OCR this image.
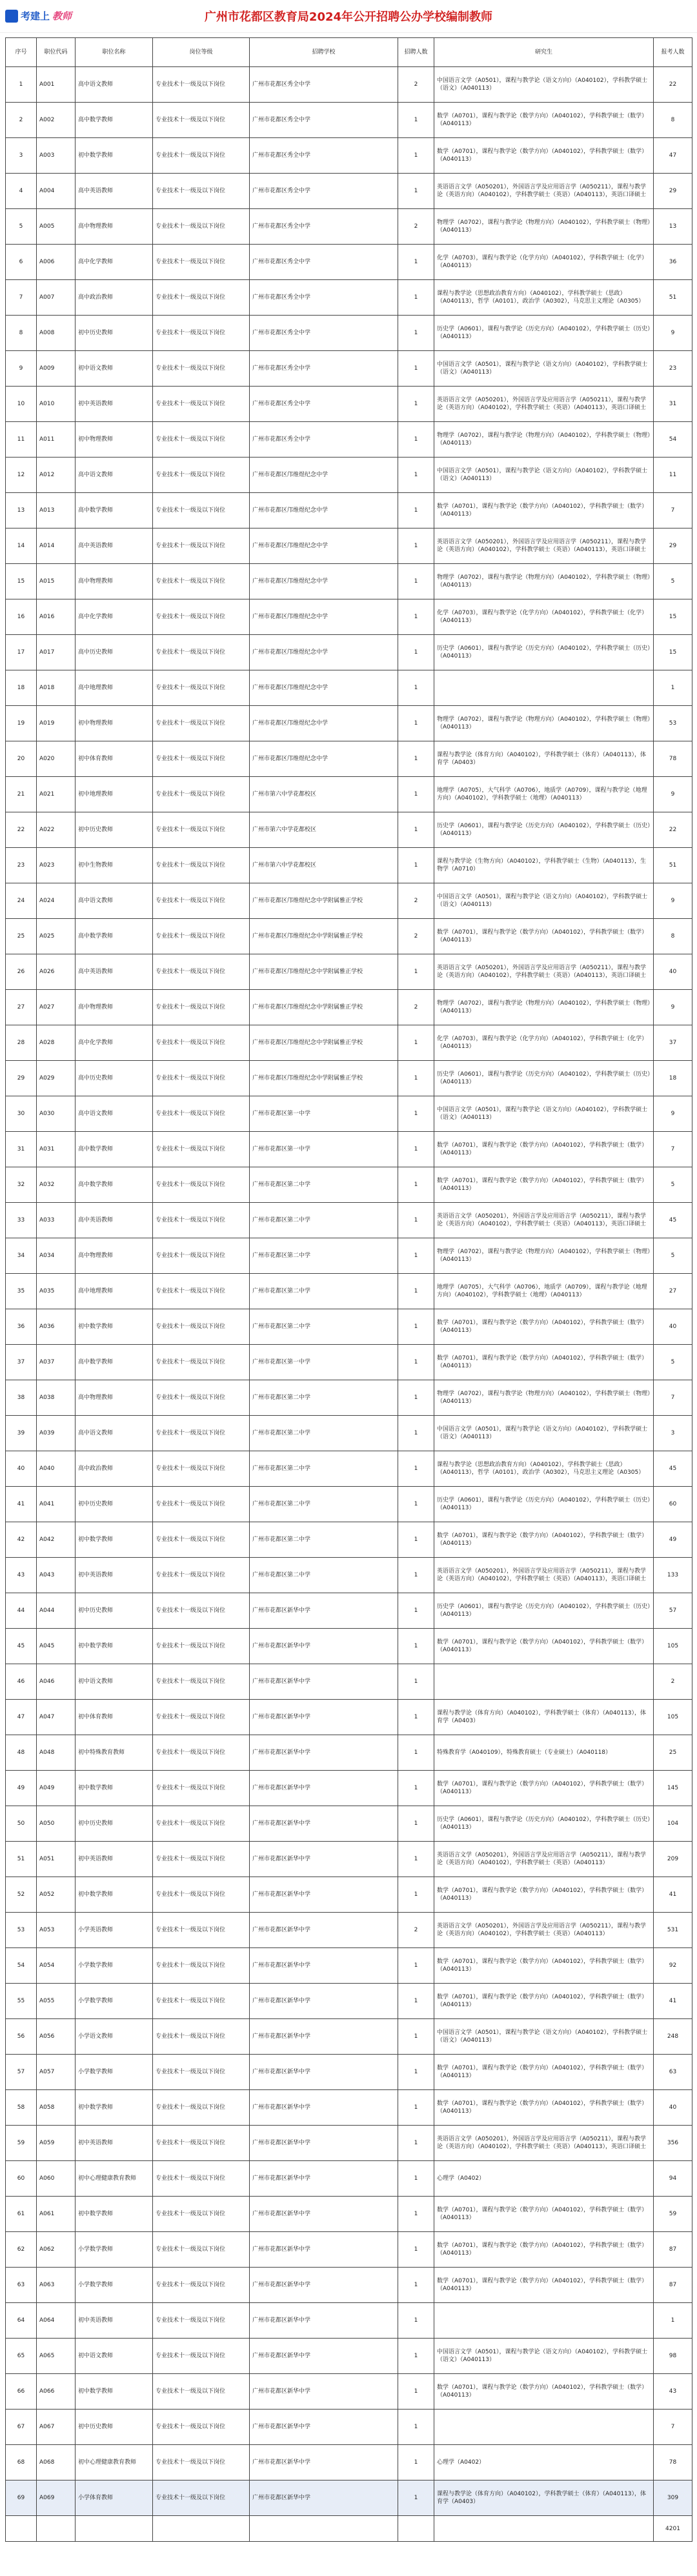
考建上 教师	广州市花都区教育局2024年公开招聘公办学校编制教师
序号	职位代码	职位名称	岗位等级	招聘学校	招聘人数	研究生	报考人数
1	A001	高中语文教师	专业技术十一级及以下岗位	广州市花都区秀全中学	2	中国语言文学（A0501），课程与教学论（语文方向）（A040102），学科教学硕士（语文）（A040113）	22
2	A002	高中数学教师	专业技术十一级及以下岗位	广州市花都区秀全中学	1	数学（A0701），课程与教学论（数学方向）（A040102），学科教学硕士（数学）（A040113）	8
3	A003	初中数学教师	专业技术十一级及以下岗位	广州市花都区秀全中学	1	数学（A0701），课程与教学论（数学方向）（A040102），学科教学硕士（数学）（A040113）	47
4	A004	高中英语教师	专业技术十一级及以下岗位	广州市花都区秀全中学	1	英语语言文学（A050201），外国语言学及应用语言学（A050211），课程与教学论（英语方向）（A040102），学科教学硕士（英语）（A040113），英语口译硕士	29
5	A005	高中物理教师	专业技术十一级及以下岗位	广州市花都区秀全中学	2	物理学（A0702），课程与教学论（物理方向）（A040102），学科教学硕士（物理）（A040113）	13
6	A006	高中化学教师	专业技术十一级及以下岗位	广州市花都区秀全中学	1	化学（A0703），课程与教学论（化学方向）（A040102），学科教学硕士（化学）（A040113）	36
7	A007	高中政治教师	专业技术十一级及以下岗位	广州市花都区秀全中学	1	课程与教学论（思想政治教育方向）（A040102），学科教学硕士（思政）（A040113），哲学（A0101），政治学（A0302），马克思主义理论（A0305）	51
8	A008	初中历史教师	专业技术十一级及以下岗位	广州市花都区秀全中学	1	历史学（A0601），课程与教学论（历史方向）（A040102），学科教学硕士（历史）（A040113）	9
9	A009	初中语文教师	专业技术十一级及以下岗位	广州市花都区秀全中学	1	中国语言文学（A0501），课程与教学论（语文方向）（A040102），学科教学硕士（语文）（A040113）	23
10	A010	初中英语教师	专业技术十一级及以下岗位	广州市花都区秀全中学	1	英语语言文学（A050201），外国语言学及应用语言学（A050211），课程与教学论（英语方向）（A040102），学科教学硕士（英语）（A040113），英语口译硕士	31
11	A011	初中物理教师	专业技术十一级及以下岗位	广州市花都区秀全中学	1	物理学（A0702），课程与教学论（物理方向）（A040102），学科教学硕士（物理）（A040113）	54
12	A012	高中语文教师	专业技术十一级及以下岗位	广州市花都区邝维煜纪念中学	1	中国语言文学（A0501），课程与教学论（语文方向）（A040102），学科教学硕士（语文）（A040113）	11
13	A013	高中数学教师	专业技术十一级及以下岗位	广州市花都区邝维煜纪念中学	1	数学（A0701），课程与教学论（数学方向）（A040102），学科教学硕士（数学）（A040113）	7
14	A014	高中英语教师	专业技术十一级及以下岗位	广州市花都区邝维煜纪念中学	1	英语语言文学（A050201），外国语言学及应用语言学（A050211），课程与教学论（英语方向）（A040102），学科教学硕士（英语）（A040113），英语口译硕士	29
15	A015	高中物理教师	专业技术十一级及以下岗位	广州市花都区邝维煜纪念中学	1	物理学（A0702），课程与教学论（物理方向）（A040102），学科教学硕士（物理）（A040113）	5
16	A016	高中化学教师	专业技术十一级及以下岗位	广州市花都区邝维煜纪念中学	1	化学（A0703），课程与教学论（化学方向）（A040102），学科教学硕士（化学）（A040113）	15
17	A017	高中历史教师	专业技术十一级及以下岗位	广州市花都区邝维煜纪念中学	1	历史学（A0601），课程与教学论（历史方向）（A040102），学科教学硕士（历史）（A040113）	15
18	A018	高中地理教师	专业技术十一级及以下岗位	广州市花都区邝维煜纪念中学	1		1
19	A019	初中物理教师	专业技术十一级及以下岗位	广州市花都区邝维煜纪念中学	1	物理学（A0702），课程与教学论（物理方向）（A040102），学科教学硕士（物理）（A040113）	53
20	A020	初中体育教师	专业技术十一级及以下岗位	广州市花都区邝维煜纪念中学	1	课程与教学论（体育方向）（A040102），学科教学硕士（体育）（A040113），体育学（A0403）	78
21	A021	初中地理教师	专业技术十一级及以下岗位	广州市第六中学花都校区	1	地理学（A0705），大气科学（A0706），地质学（A0709），课程与教学论（地理方向）（A040102），学科教学硕士（地理）（A040113）	9
22	A022	初中历史教师	专业技术十一级及以下岗位	广州市第六中学花都校区	1	历史学（A0601），课程与教学论（历史方向）（A040102），学科教学硕士（历史）（A040113）	22
23	A023	初中生物教师	专业技术十一级及以下岗位	广州市第六中学花都校区	1	课程与教学论（生物方向）（A040102），学科教学硕士（生物）（A040113），生物学（A0710）	51
24	A024	高中语文教师	专业技术十一级及以下岗位	广州市花都区邝维煜纪念中学附属雅正学校	2	中国语言文学（A0501），课程与教学论（语文方向）（A040102），学科教学硕士（语文）（A040113）	9
25	A025	高中数学教师	专业技术十一级及以下岗位	广州市花都区邝维煜纪念中学附属雅正学校	2	数学（A0701），课程与教学论（数学方向）（A040102），学科教学硕士（数学）（A040113）	8
26	A026	高中英语教师	专业技术十一级及以下岗位	广州市花都区邝维煜纪念中学附属雅正学校	1	英语语言文学（A050201），外国语言学及应用语言学（A050211），课程与教学论（英语方向）（A040102），学科教学硕士（英语）（A040113），英语口译硕士	40
27	A027	高中物理教师	专业技术十一级及以下岗位	广州市花都区邝维煜纪念中学附属雅正学校	2	物理学（A0702），课程与教学论（物理方向）（A040102），学科教学硕士（物理）（A040113）	9
28	A028	高中化学教师	专业技术十一级及以下岗位	广州市花都区邝维煜纪念中学附属雅正学校	1	化学（A0703），课程与教学论（化学方向）（A040102），学科教学硕士（化学）（A040113）	37
29	A029	高中历史教师	专业技术十一级及以下岗位	广州市花都区邝维煜纪念中学附属雅正学校	1	历史学（A0601），课程与教学论（历史方向）（A040102），学科教学硕士（历史）（A040113）	18
30	A030	高中语文教师	专业技术十一级及以下岗位	广州市花都区第一中学	1	中国语言文学（A0501），课程与教学论（语文方向）（A040102），学科教学硕士（语文）（A040113）	9
31	A031	高中数学教师	专业技术十一级及以下岗位	广州市花都区第一中学	1	数学（A0701），课程与教学论（数学方向）（A040102），学科教学硕士（数学）（A040113）	7
32	A032	高中数学教师	专业技术十一级及以下岗位	广州市花都区第二中学	1	数学（A0701），课程与教学论（数学方向）（A040102），学科教学硕士（数学）（A040113）	5
33	A033	高中英语教师	专业技术十一级及以下岗位	广州市花都区第二中学	1	英语语言文学（A050201），外国语言学及应用语言学（A050211），课程与教学论（英语方向）（A040102），学科教学硕士（英语）（A040113），英语口译硕士	45
34	A034	高中物理教师	专业技术十一级及以下岗位	广州市花都区第二中学	1	物理学（A0702），课程与教学论（物理方向）（A040102），学科教学硕士（物理）（A040113）	5
35	A035	高中地理教师	专业技术十一级及以下岗位	广州市花都区第二中学	1	地理学（A0705），大气科学（A0706），地质学（A0709），课程与教学论（地理方向）（A040102），学科教学硕士（地理）（A040113）	27
36	A036	初中数学教师	专业技术十一级及以下岗位	广州市花都区第二中学	1	数学（A0701），课程与教学论（数学方向）（A040102），学科教学硕士（数学）（A040113）	40
37	A037	高中数学教师	专业技术十一级及以下岗位	广州市花都区第一中学	1	数学（A0701），课程与教学论（数学方向）（A040102），学科教学硕士（数学）（A040113）	5
38	A038	高中物理教师	专业技术十一级及以下岗位	广州市花都区第二中学	1	物理学（A0702），课程与教学论（物理方向）（A040102），学科教学硕士（物理）（A040113）	7
39	A039	高中语文教师	专业技术十一级及以下岗位	广州市花都区第二中学	1	中国语言文学（A0501），课程与教学论（语文方向）（A040102），学科教学硕士（语文）（A040113）	3
40	A040	高中政治教师	专业技术十一级及以下岗位	广州市花都区第二中学	1	课程与教学论（思想政治教育方向）（A040102），学科教学硕士（思政）（A040113），哲学（A0101），政治学（A0302），马克思主义理论（A0305）	45
41	A041	初中历史教师	专业技术十一级及以下岗位	广州市花都区第二中学	1	历史学（A0601），课程与教学论（历史方向）（A040102），学科教学硕士（历史）（A040113）	60
42	A042	初中数学教师	专业技术十一级及以下岗位	广州市花都区第二中学	1	数学（A0701），课程与教学论（数学方向）（A040102），学科教学硕士（数学）（A040113）	49
43	A043	初中英语教师	专业技术十一级及以下岗位	广州市花都区第二中学	1	英语语言文学（A050201），外国语言学及应用语言学（A050211），课程与教学论（英语方向）（A040102），学科教学硕士（英语）（A040113），英语口译硕士	133
44	A044	初中历史教师	专业技术十一级及以下岗位	广州市花都区新华中学	1	历史学（A0601），课程与教学论（历史方向）（A040102），学科教学硕士（历史）（A040113）	57
45	A045	初中数学教师	专业技术十一级及以下岗位	广州市花都区新华中学	1	数学（A0701），课程与教学论（数学方向）（A040102），学科教学硕士（数学）（A040113）	105
46	A046	初中语文教师	专业技术十一级及以下岗位	广州市花都区新华中学	1		2
47	A047	初中体育教师	专业技术十一级及以下岗位	广州市花都区新华中学	1	课程与教学论（体育方向）（A040102），学科教学硕士（体育）（A040113），体育学（A0403）	105
48	A048	初中特殊教育教师	专业技术十一级及以下岗位	广州市花都区新华中学	1	特殊教育学（A040109），特殊教育硕士（专业硕士）（A040118）	25
49	A049	初中数学教师	专业技术十一级及以下岗位	广州市花都区新华中学	1	数学（A0701），课程与教学论（数学方向）（A040102），学科教学硕士（数学）（A040113）	145
50	A050	初中历史教师	专业技术十一级及以下岗位	广州市花都区新华中学	1	历史学（A0601），课程与教学论（历史方向）（A040102），学科教学硕士（历史）（A040113）	104
51	A051	初中英语教师	专业技术十一级及以下岗位	广州市花都区新华中学	1	英语语言文学（A050201），外国语言学及应用语言学（A050211），课程与教学论（英语方向）（A040102），学科教学硕士（英语）（A040113）	209
52	A052	初中数学教师	专业技术十一级及以下岗位	广州市花都区新华中学	1	数学（A0701），课程与教学论（数学方向）（A040102），学科教学硕士（数学）（A040113）	41
53	A053	小学英语教师	专业技术十一级及以下岗位	广州市花都区新华中学	2	英语语言文学（A050201），外国语言学及应用语言学（A050211），课程与教学论（英语方向）（A040102），学科教学硕士（英语）（A040113）	531
54	A054	小学数学教师	专业技术十一级及以下岗位	广州市花都区新华中学	1	数学（A0701），课程与教学论（数学方向）（A040102），学科教学硕士（数学）（A040113）	92
55	A055	小学数学教师	专业技术十一级及以下岗位	广州市花都区新华中学	1	数学（A0701），课程与教学论（数学方向）（A040102），学科教学硕士（数学）（A040113）	41
56	A056	小学语文教师	专业技术十一级及以下岗位	广州市花都区新华中学	1	中国语言文学（A0501），课程与教学论（语文方向）（A040102），学科教学硕士（语文）（A040113）	248
57	A057	小学数学教师	专业技术十一级及以下岗位	广州市花都区新华中学	1	数学（A0701），课程与教学论（数学方向）（A040102），学科教学硕士（数学）（A040113）	63
58	A058	初中数学教师	专业技术十一级及以下岗位	广州市花都区新华中学	1	数学（A0701），课程与教学论（数学方向）（A040102），学科教学硕士（数学）（A040113）	40
59	A059	初中英语教师	专业技术十一级及以下岗位	广州市花都区新华中学	1	英语语言文学（A050201），外国语言学及应用语言学（A050211），课程与教学论（英语方向）（A040102），学科教学硕士（英语）（A040113），英语口译硕士	356
60	A060	初中心理健康教育教师	专业技术十一级及以下岗位	广州市花都区新华中学	1	心理学（A0402）	94
61	A061	初中数学教师	专业技术十一级及以下岗位	广州市花都区新华中学	1	数学（A0701），课程与教学论（数学方向）（A040102），学科教学硕士（数学）（A040113）	59
62	A062	小学数学教师	专业技术十一级及以下岗位	广州市花都区新华中学	1	数学（A0701），课程与教学论（数学方向）（A040102），学科教学硕士（数学）（A040113）	87
63	A063	小学数学教师	专业技术十一级及以下岗位	广州市花都区新华中学	1	数学（A0701），课程与教学论（数学方向）（A040102），学科教学硕士（数学）（A040113）	87
64	A064	初中英语教师	专业技术十一级及以下岗位	广州市花都区新华中学	1		1
65	A065	初中语文教师	专业技术十一级及以下岗位	广州市花都区新华中学	1	中国语言文学（A0501），课程与教学论（语文方向）（A040102），学科教学硕士（语文）（A040113）	98
66	A066	初中数学教师	专业技术十一级及以下岗位	广州市花都区新华中学	1	数学（A0701），课程与教学论（数学方向）（A040102），学科教学硕士（数学）（A040113）	43
67	A067	初中历史教师	专业技术十一级及以下岗位	广州市花都区新华中学	1		7
68	A068	初中心理健康教育教师	专业技术十一级及以下岗位	广州市花都区新华中学	1	心理学（A0402）	78
69	A069	小学体育教师	专业技术十一级及以下岗位	广州市花都区新华中学	1	课程与教学论（体育方向）（A040102），学科教学硕士（体育）（A040113），体育学（A0403）	309
							4201
